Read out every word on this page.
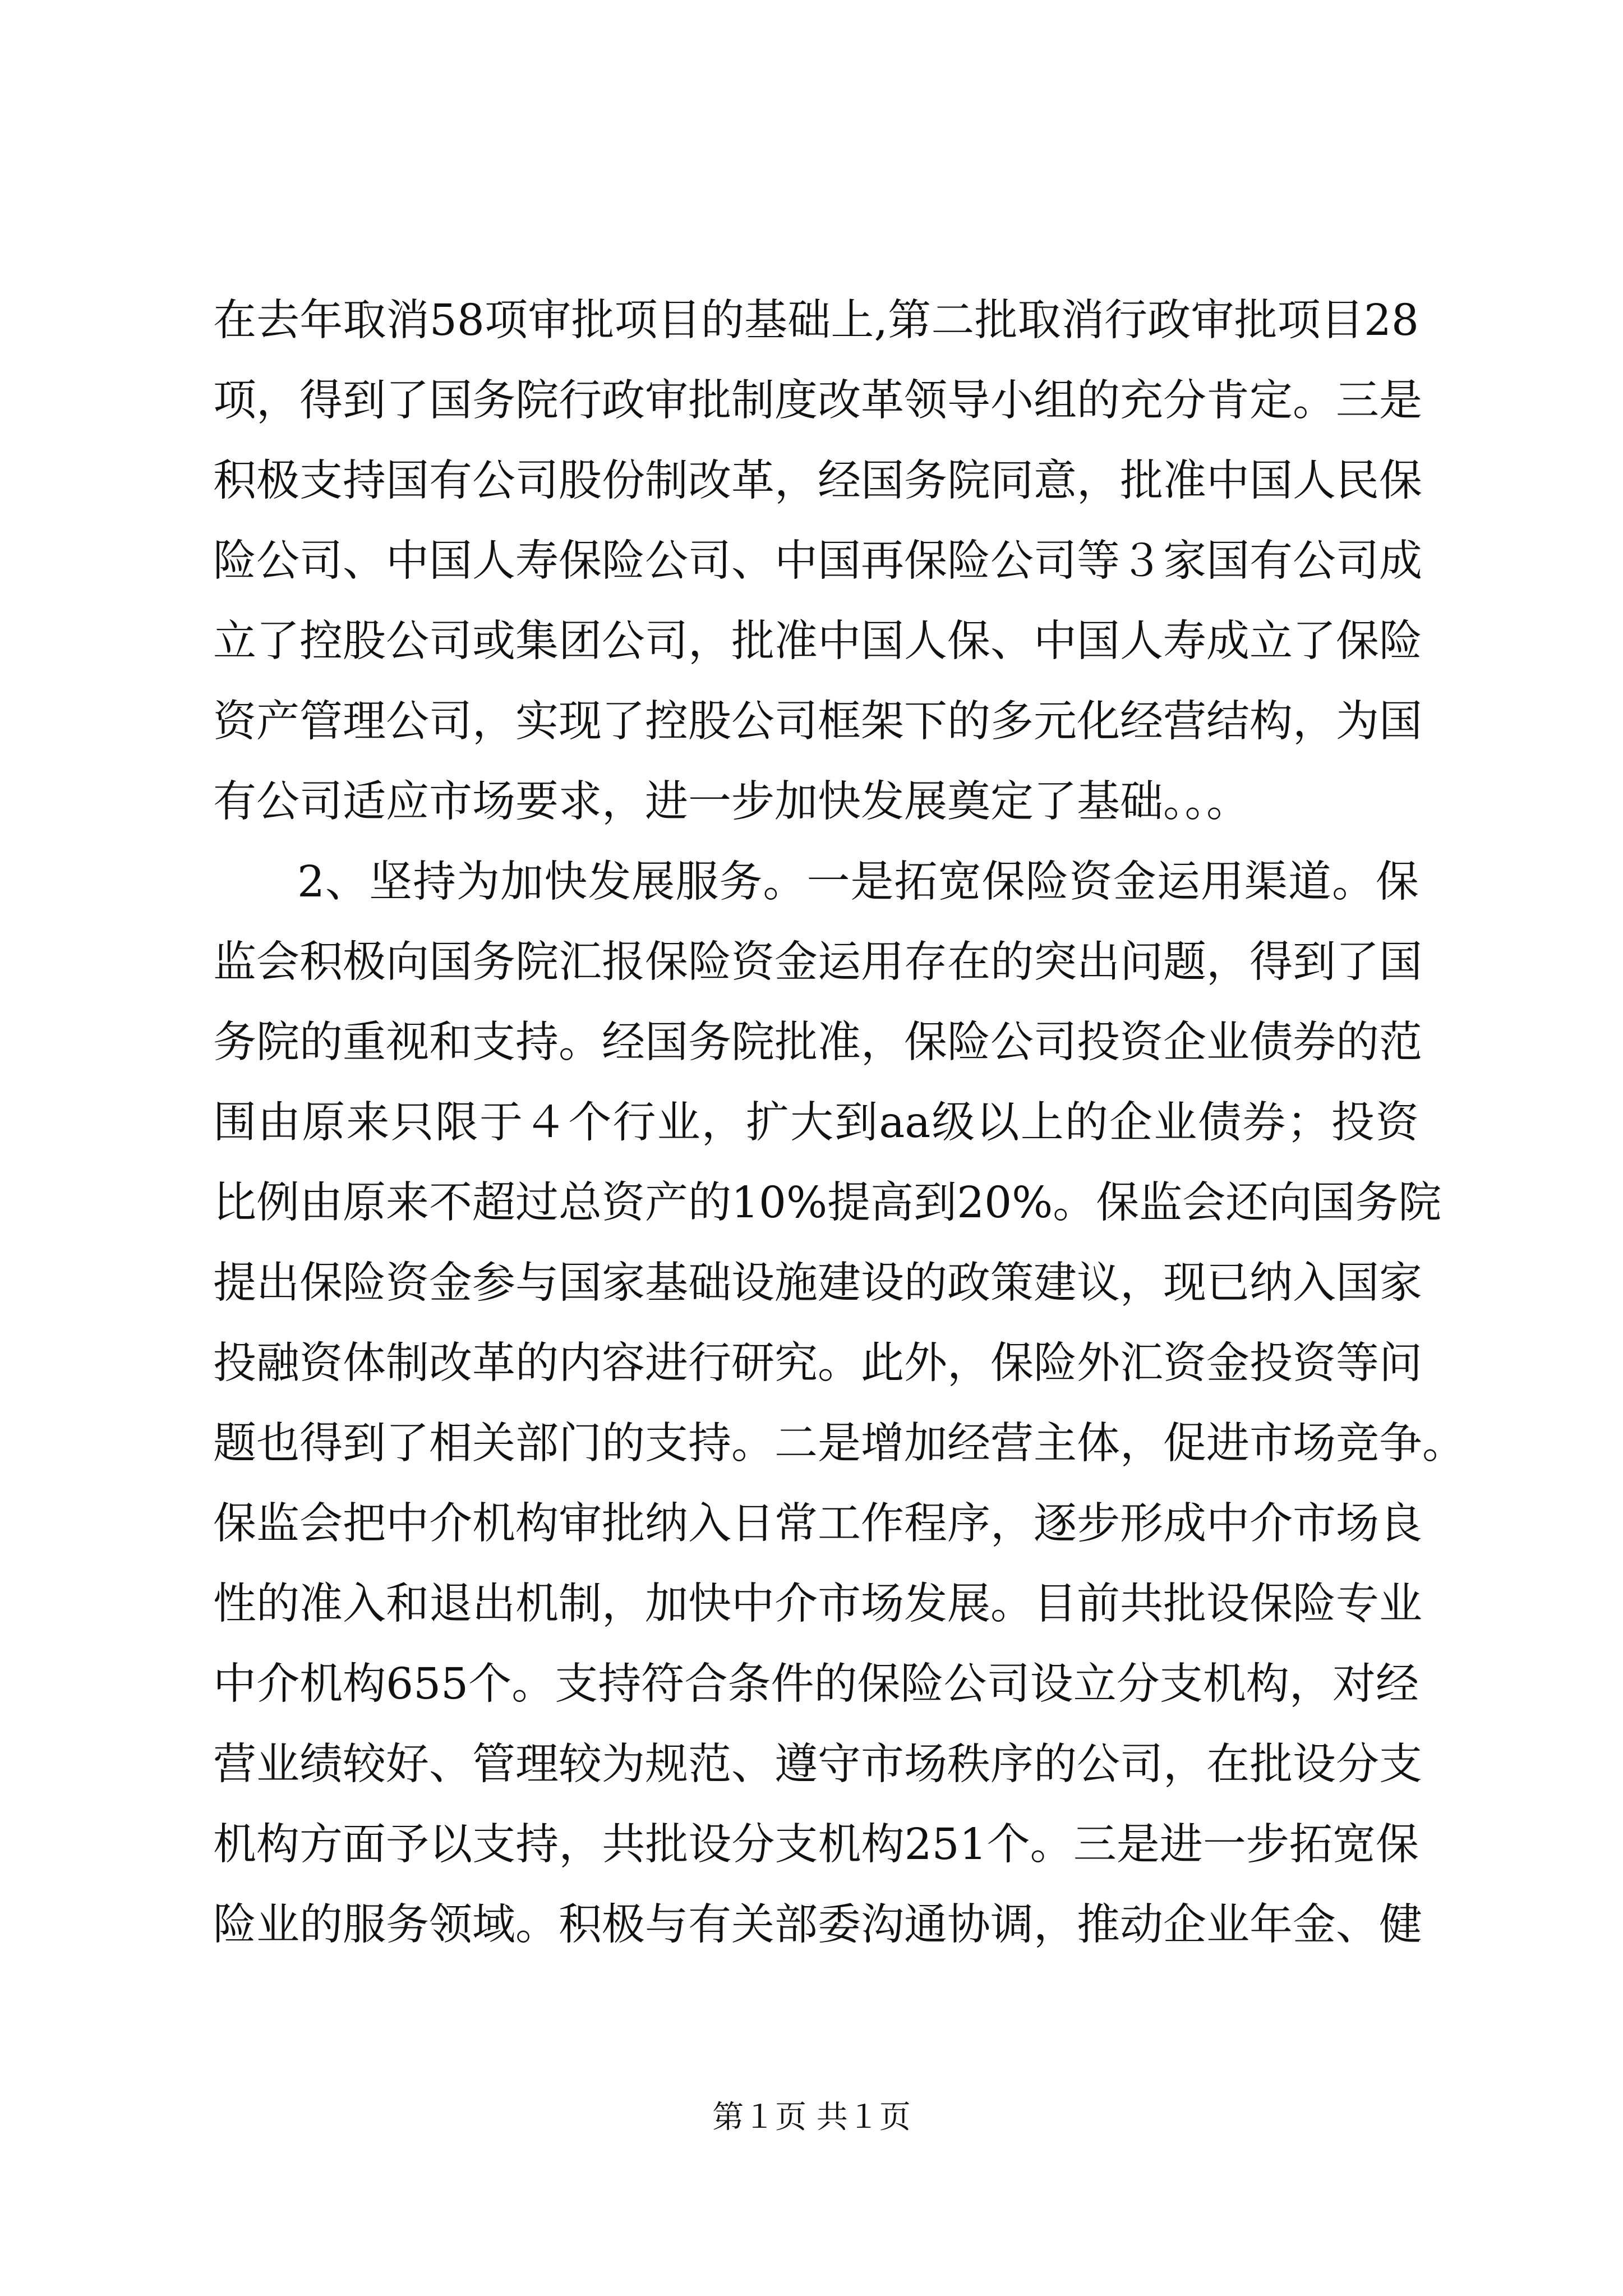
在去年取消58项审批项目的基础上,第二批取消行政审批项目28
项，得到了国务院行政审批制度改革领导小组的充分肯定。三是
积极支持国有公司股份制改革，经国务院同意，批准中国人民保
险公司、中国人寿保险公司、中国再保险公司等３家国有公司成
立了控股公司或集团公司，批准中国人保、中国人寿成立了保险
资产管理公司，实现了控股公司框架下的多元化经营结构，为国
有公司适应市场要求，进一步加快发展奠定了基础。。。
2、坚持为加快发展服务。一是拓宽保险资金运用渠道。保
监会积极向国务院汇报保险资金运用存在的突出问题，得到了国
务院的重视和支持。经国务院批准，保险公司投资企业债券的范
围由原来只限于４个行业，扩大到aa级以上的企业债券；投资
比例由原来不超过总资产的10%提高到20%。保监会还向国务院
提出保险资金参与国家基础设施建设的政策建议，现已纳入国家
投融资体制改革的内容进行研究。此外，保险外汇资金投资等问
题也得到了相关部门的支持。二是增加经营主体，促进市场竞争。
保监会把中介机构审批纳入日常工作程序，逐步形成中介市场良
性的准入和退出机制，加快中介市场发展。目前共批设保险专业
中介机构655个。支持符合条件的保险公司设立分支机构，对经
营业绩较好、管理较为规范、遵守市场秩序的公司，在批设分支
机构方面予以支持，共批设分支机构251个。三是进一步拓宽保
险业的服务领域。积极与有关部委沟通协调，推动企业年金、健
第１页 共１页
